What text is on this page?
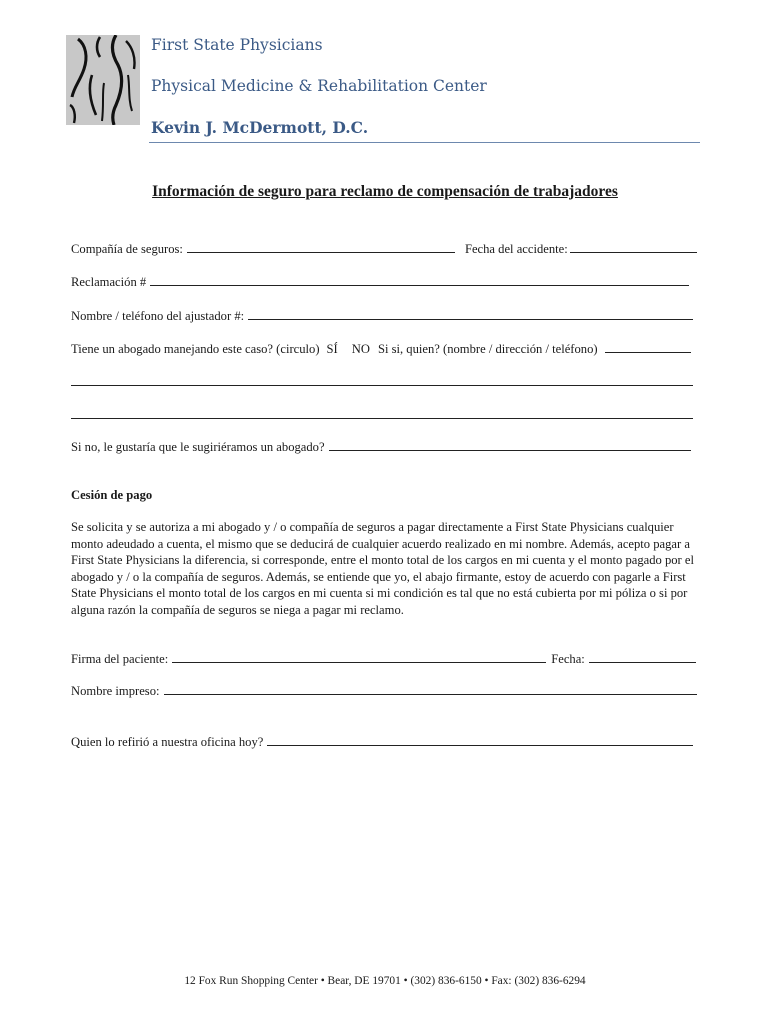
First State Physicians
Physical Medicine & Rehabilitation Center
Kevin J. McDermott, D.C.
Información de seguro para reclamo de compensación de trabajadores
Compañía de seguros:	Fecha del accidente:
Reclamación #
Nombre / teléfono del ajustador #:
Tiene un abogado manejando este caso? (circulo) SÍ NO Si si, quien? (nombre / dirección / teléfono)
Si no, le gustaría que le sugiriéramos un abogado?
Cesión de pago
Se solicita y se autoriza a mi abogado y / o compañía de seguros a pagar directamente a First State Physicians cualquier monto adeudado a cuenta, el mismo que se deducirá de cualquier acuerdo realizado en mi nombre. Además, acepto pagar a First State Physicians la diferencia, si corresponde, entre el monto total de los cargos en mi cuenta y el monto pagado por el abogado y / o la compañía de seguros. Además, se entiende que yo, el abajo firmante, estoy de acuerdo con pagarle a First State Physicians el monto total de los cargos en mi cuenta si mi condición es tal que no está cubierta por mi póliza o si por alguna razón la compañía de seguros se niega a pagar mi reclamo.
Firma del paciente:	Fecha:
Nombre impreso:
Quien lo refirió a nuestra oficina hoy?
12 Fox Run Shopping Center • Bear, DE 19701 • (302) 836-6150 • Fax: (302) 836-6294
